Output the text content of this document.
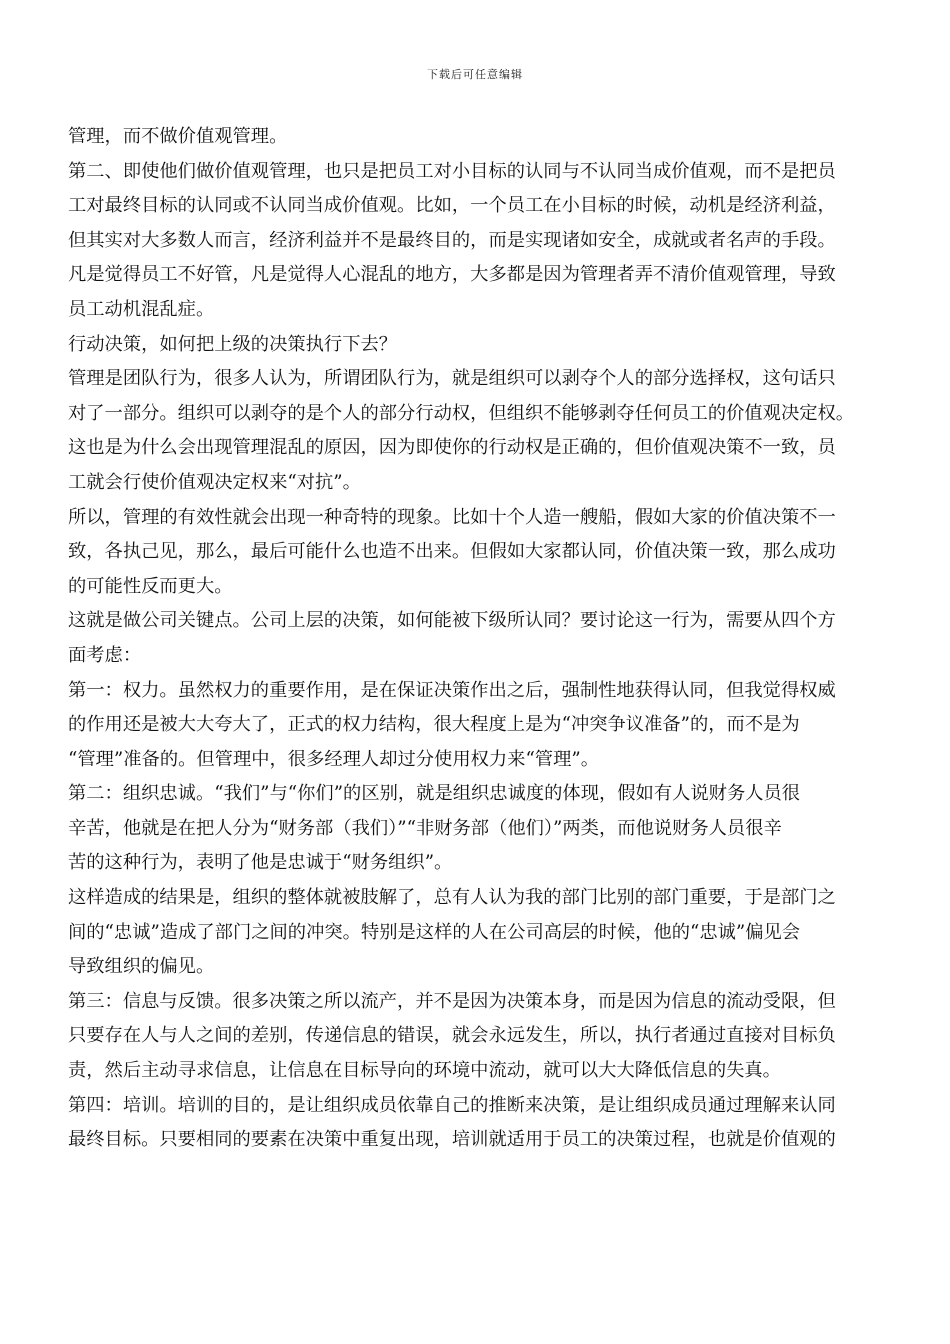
下载后可任意编辑
管理，而不做价值观管理。
第二、即使他们做价值观管理，也只是把员工对小目标的认同与不认同当成价值观，而不是把员
工对最终目标的认同或不认同当成价值观。比如，一个员工在小目标的时候，动机是经济利益，
但其实对大多数人而言，经济利益并不是最终目的，而是实现诸如安全，成就或者名声的手段。
凡是觉得员工不好管，凡是觉得人心混乱的地方，大多都是因为管理者弄不清价值观管理，导致
员工动机混乱症。
行动决策，如何把上级的决策执行下去？
管理是团队行为，很多人认为，所谓团队行为，就是组织可以剥夺个人的部分选择权，这句话只
对了一部分。组织可以剥夺的是个人的部分行动权，但组织不能够剥夺任何员工的价值观决定权。
这也是为什么会出现管理混乱的原因，因为即使你的行动权是正确的，但价值观决策不一致，员
工就会行使价值观决定权来“对抗”。
所以，管理的有效性就会出现一种奇特的现象。比如十个人造一艘船，假如大家的价值决策不一
致，各执己见，那么，最后可能什么也造不出来。但假如大家都认同，价值决策一致，那么成功
的可能性反而更大。
这就是做公司关键点。公司上层的决策，如何能被下级所认同？要讨论这一行为，需要从四个方
面考虑：
第一：权力。虽然权力的重要作用，是在保证决策作出之后，强制性地获得认同，但我觉得权威
的作用还是被大大夸大了，正式的权力结构，很大程度上是为“冲突争议准备”的，而不是为
“管理”准备的。但管理中，很多经理人却过分使用权力来“管理”。
第二：组织忠诚。“我们”与“你们”的区别，就是组织忠诚度的体现，假如有人说财务人员很
辛苦，他就是在把人分为“财务部（我们）”“非财务部（他们）”两类，而他说财务人员很辛
苦的这种行为，表明了他是忠诚于“财务组织”。
这样造成的结果是，组织的整体就被肢解了，总有人认为我的部门比别的部门重要，于是部门之
间的“忠诚”造成了部门之间的冲突。特别是这样的人在公司高层的时候，他的“忠诚”偏见会
导致组织的偏见。
第三：信息与反馈。很多决策之所以流产，并不是因为决策本身，而是因为信息的流动受限，但
只要存在人与人之间的差别，传递信息的错误，就会永远发生，所以，执行者通过直接对目标负
责，然后主动寻求信息，让信息在目标导向的环境中流动，就可以大大降低信息的失真。
第四：培训。培训的目的，是让组织成员依靠自己的推断来决策，是让组织成员通过理解来认同
最终目标。只要相同的要素在决策中重复出现，培训就适用于员工的决策过程，也就是价值观的
